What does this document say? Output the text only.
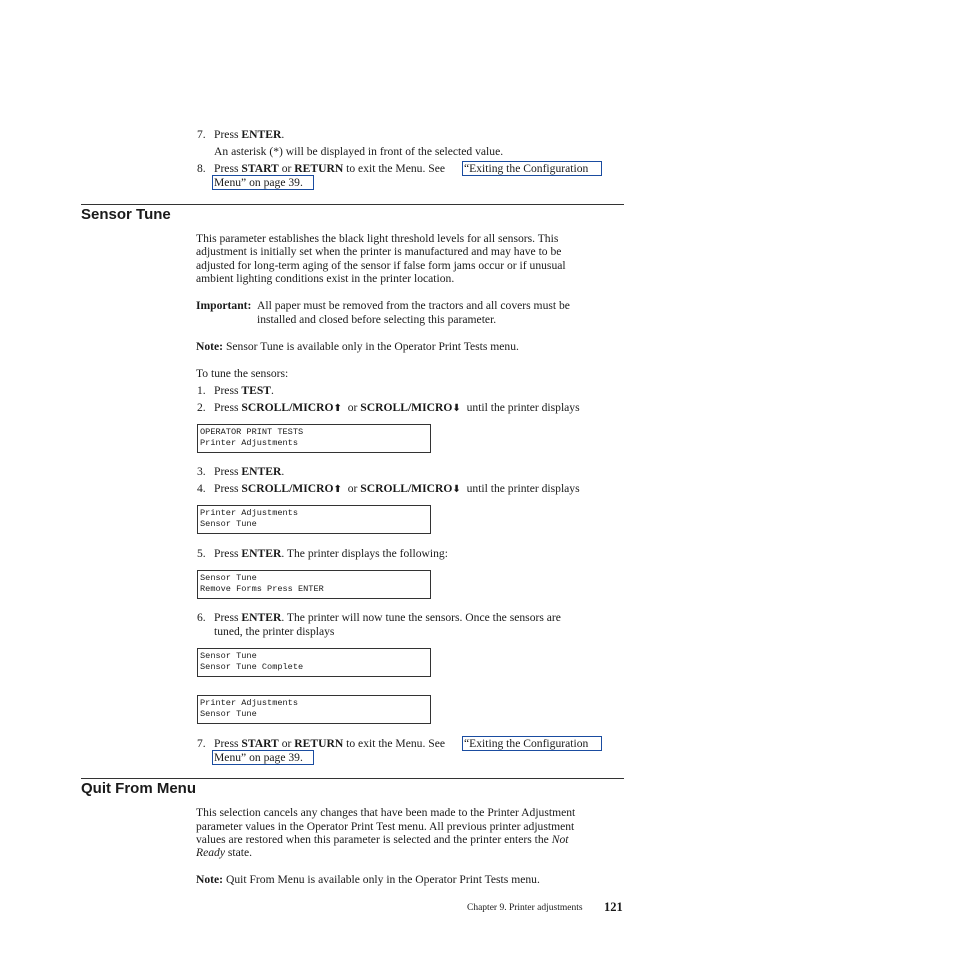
7. Press ENTER.
An asterisk (*) will be displayed in front of the selected value.
8. Press START or RETURN to exit the Menu. See “Exiting the Configuration
Menu” on page 39.
Sensor Tune
This parameter establishes the black light threshold levels for all sensors. This
adjustment is initially set when the printer is manufactured and may have to be
adjusted for long-term aging of the sensor if false form jams occur or if unusual
ambient lighting conditions exist in the printer location.
Important: All paper must be removed from the tractors and all covers must be
installed and closed before selecting this parameter.
Note: Sensor Tune is available only in the Operator Print Tests menu.
To tune the sensors:
1. Press TEST.
2. Press SCROLL/MICRO⬆ or SCROLL/MICRO⬇ until the printer displays
OPERATOR PRINT TESTS
Printer Adjustments
3. Press ENTER.
4. Press SCROLL/MICRO⬆ or SCROLL/MICRO⬇ until the printer displays
Printer Adjustments
Sensor Tune
5. Press ENTER. The printer displays the following:
Sensor Tune
Remove Forms Press ENTER
6. Press ENTER. The printer will now tune the sensors. Once the sensors are
tuned, the printer displays
Sensor Tune
Sensor Tune Complete
Printer Adjustments
Sensor Tune
7. Press START or RETURN to exit the Menu. See “Exiting the Configuration
Menu” on page 39.
Quit From Menu
This selection cancels any changes that have been made to the Printer Adjustment
parameter values in the Operator Print Test menu. All previous printer adjustment
values are restored when this parameter is selected and the printer enters the Not
Ready state.
Note: Quit From Menu is available only in the Operator Print Tests menu.
Chapter 9. Printer adjustments 121
